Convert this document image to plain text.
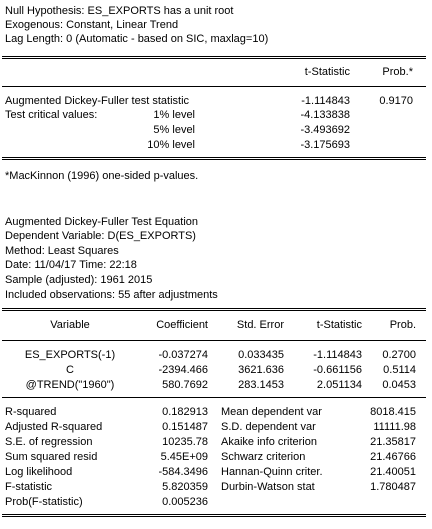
Null Hypothesis: ES_EXPORTS has a unit root
Exogenous: Constant, Linear Trend
Lag Length: 0 (Automatic - based on SIC, maxlag=10)
t-Statistic	Prob.*
Augmented Dickey-Fuller test statistic	-1.114843	0.9170
Test critical values:	1% level	-4.133838
5% level	-3.493692
10% level	-3.175693
*MacKinnon (1996) one-sided p-values.
Augmented Dickey-Fuller Test Equation
Dependent Variable: D(ES_EXPORTS)
Method: Least Squares
Date: 11/04/17 Time: 22:18
Sample (adjusted): 1961 2015
Included observations: 55 after adjustments
Variable	Coefficient	Std. Error	t-Statistic	Prob.
ES_EXPORTS(-1)	-0.037274	0.033435	-1.114843	0.2700
C	-2394.466	3621.636	-0.661156	0.5114
@TREND("1960")	580.7692	283.1453	2.051134	0.0453
R-squared	0.182913 Mean dependent var	8018.415
Adjusted R-squared	0.151487 S.D. dependent var	11111.98
S.E. of regression	10235.78 Akaike info criterion	21.35817
Sum squared resid	5.45E+09 Schwarz criterion	21.46766
Log likelihood	-584.3496 Hannan-Quinn criter.	21.40051
F-statistic	5.820359 Durbin-Watson stat	1.780487
Prob(F-statistic)	0.005236
